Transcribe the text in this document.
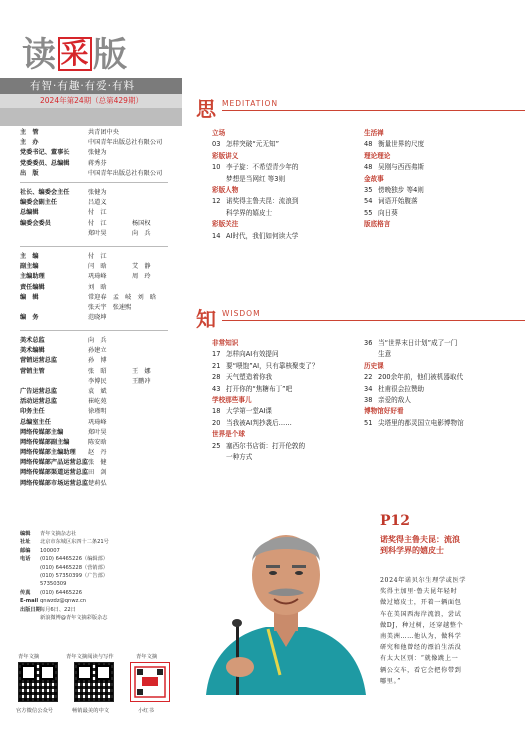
读 采 版
有智·有趣·有爱·有料
2024年第24期（总第429期）
主　管	共青团中央
主　办	中国青年出版总社有限公司
党委书记、董事长	张健为
党委委员、总编辑	蒋秀芬
出　版	中国青年出版总社有限公司
社长、编委会主任	张健为
编委会副主任	吕道义
总编辑	付　江
编委会委员	付　江	杨国权
郑叶昊	向　兵
主　编	付　江
副主编	闫　晗	艾　静
主编助理	巩琦峰	周　玲
责任编辑	刘　晗
编　辑	常迎春　孟　岐　刘　晗
张天宇　张速熙
编　务	范晓坤
美术总监	向　兵
美术编辑	孙建立
营销运营总监	孙　博
营销主管	张　昭	王　娜
李博民	王鹏冲
广告运营总监	袁　斌
活动运营总监	崔屹苑
印务主任	徐瑾明
总编室主任	巩琦峰
网络传媒部主编	郑叶昊
网络传媒部副主编	陈安晗
网络传媒部主编助理 赵　丹
网络传媒部产品运营总监张　健
网络传媒部渠道运营总监田　剑
网络传媒部市场运营总监楚莉弘
编辑 青年文摘杂志社
社址 北京市东城区东四十二条21号
邮编 100007
电话 (010) 64465226（编辑部）
(010) 64465228（营销部）
(010) 57350399（广告部）
57350309
传真 (010) 64465226
E-mail qnwzdz@qnwz.cn
出版日期每月6日、22日
新浪微博@青年文摘彩版杂志
青年文摘	青年文摘阅读与写作	青年文摘
官方微信公众号	畅销最美的中文	小红书
思 MEDITATION
立场
03 怎样突破“元无知”
彩版讲义
10 李子旋：不希望青少年的
梦想是当网红 等3则
彩版人物
12 诺奖得主鲁夫昆：流浪到
科学界的嬉皮士
彩版关注
14 AI时代，我们如何读大学
生活禅
48 衡量世界的尺度
理论理论
48 吴刚与西西弗斯
金故事
35 傍晚独步 等4则
54 词语开始腹落
55 向日葵
版底格言
知 WISDOM
非常知识
17 怎样向AI有效提问
21 要“喂饱”AI，只有靠核聚变了？
28 天气塑造着你我
43 打开你的“焦糖布丁”吧
学校那些事儿
18 大学第一堂AI课
20 当我被AI判抄袭后……
世界是个球
25 塞西尔书店街：打开伦敦的
一种方式
36 当“世界末日计划”成了一门
生意
历史课
22 200余年前，他们被机器取代
34 杜甫很会拉赞助
38 亲爱的敌人
博物馆好好看
51 尖塔里的都灵国立电影博物馆
P12
诺奖得主鲁夫昆：流浪
到科学界的嬉皮士
2024年诺贝尔生理学或医学
奖得主加里·鲁夫昆年轻时
做过嬉皮士，开着一辆面包
车在美国西海岸流浪，尝试
做DJ，种过树，还穿越整个
南美洲……他认为，做科学
研究和他曾经的漂泊生活没
有太大区别：“就像跳上一
辆公交车，看它会把你带到
哪里。”
